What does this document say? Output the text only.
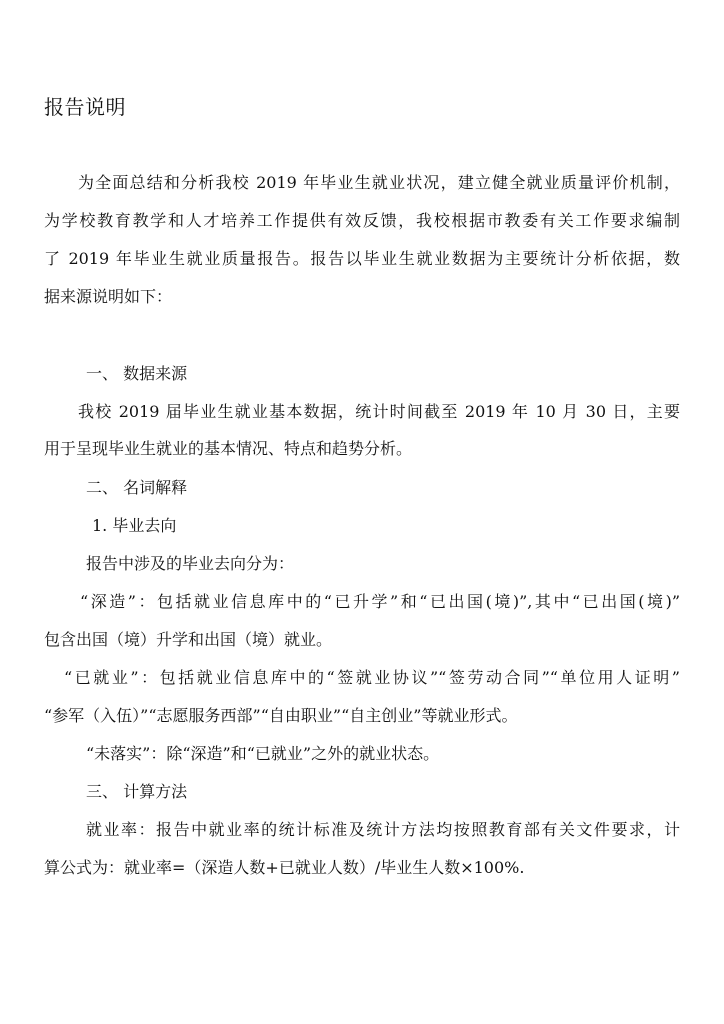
报告说明
为全面总结和分析我校 2019 年毕业生就业状况，建立健全就业质量评价机制，
为学校教育教学和人才培养工作提供有效反馈，我校根据市教委有关工作要求编制
了 2019 年毕业生就业质量报告。报告以毕业生就业数据为主要统计分析依据，数
据来源说明如下：
一、 数据来源
我校 2019 届毕业生就业基本数据，统计时间截至 2019 年 10 月 30 日，主要
用于呈现毕业生就业的基本情况、特点和趋势分析。
二、 名词解释
1. 毕业去向
报告中涉及的毕业去向分为：
“深造”：包括就业信息库中的“已升学”和“已出国(境)”,其中“已出国(境)”
包含出国（境）升学和出国（境）就业。
“已就业”：包括就业信息库中的“签就业协议”“签劳动合同”“单位用人证明”
“参军（入伍）”“志愿服务西部”“自由职业”“自主创业”等就业形式。
“未落实”：除“深造”和“已就业”之外的就业状态。
三、 计算方法
就业率：报告中就业率的统计标准及统计方法均按照教育部有关文件要求，计
算公式为：就业率=（深造人数+已就业人数）/毕业生人数×100%.
